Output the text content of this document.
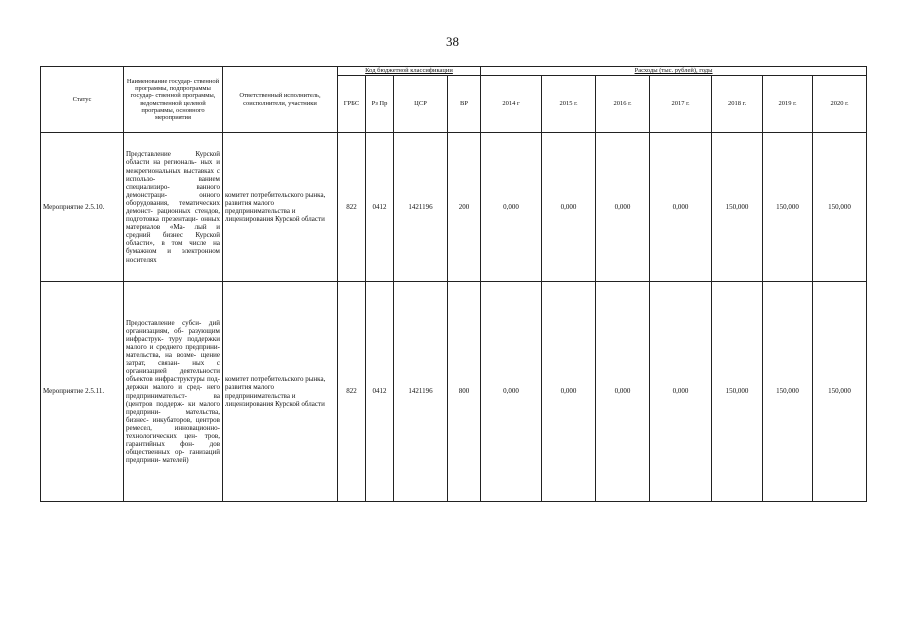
38
Статус	Наименование государ- ственной программы, подпрограммы государ- ственной программы, ведомственной целевой программы, основного мероприятия	Ответственный исполнитель, соисполнители, участники	Код бюджетной классификации				Расходы (тыс. рублей), годы						
			ГРБС	Рз Пр	ЦСР	ВР	2014 г	2015 г.	2016 г.	2017 г.	2018 г.	2019 г.	2020 г.
Мероприятие 2.5.10.	Представление Курской области на региональ- ных и межрегиональных выставках с использо- ванием специализиро- ванного демонстраци- онного оборудования, тематических демонст- рационных стендов, подготовка презентаци- онных материалов «Ма- лый и средний бизнес Курской области», в том числе на бумажном и электронном носителях	комитет потребительского рынка, развития малого предпринимательства и лицензирования Курской области	822	0412	1421196	200	0,000	0,000	0,000	0,000	150,000	150,000	150,000
Мероприятие 2.5.11.	Предоставление субси- дий организациям, об- разующим инфраструк- туру поддержки малого и среднего предприни- мательства, на возме- щение затрат, связан- ных с организацией деятельности объектов инфраструктуры под- держки малого и сред- него предпринимательст- ва (центров поддерж- ки малого предприни- мательства, бизнес- инкубаторов, центров ремесел, инновационно- технологических цен- тров, гарантийных фон- дов общественных ор- ганизаций предприни- мателей)	комитет потребительского рынка, развития малого предпринимательства и лицензирования Курской области	822	0412	1421196	800	0,000	0,000	0,000	0,000	150,000	150,000	150,000
